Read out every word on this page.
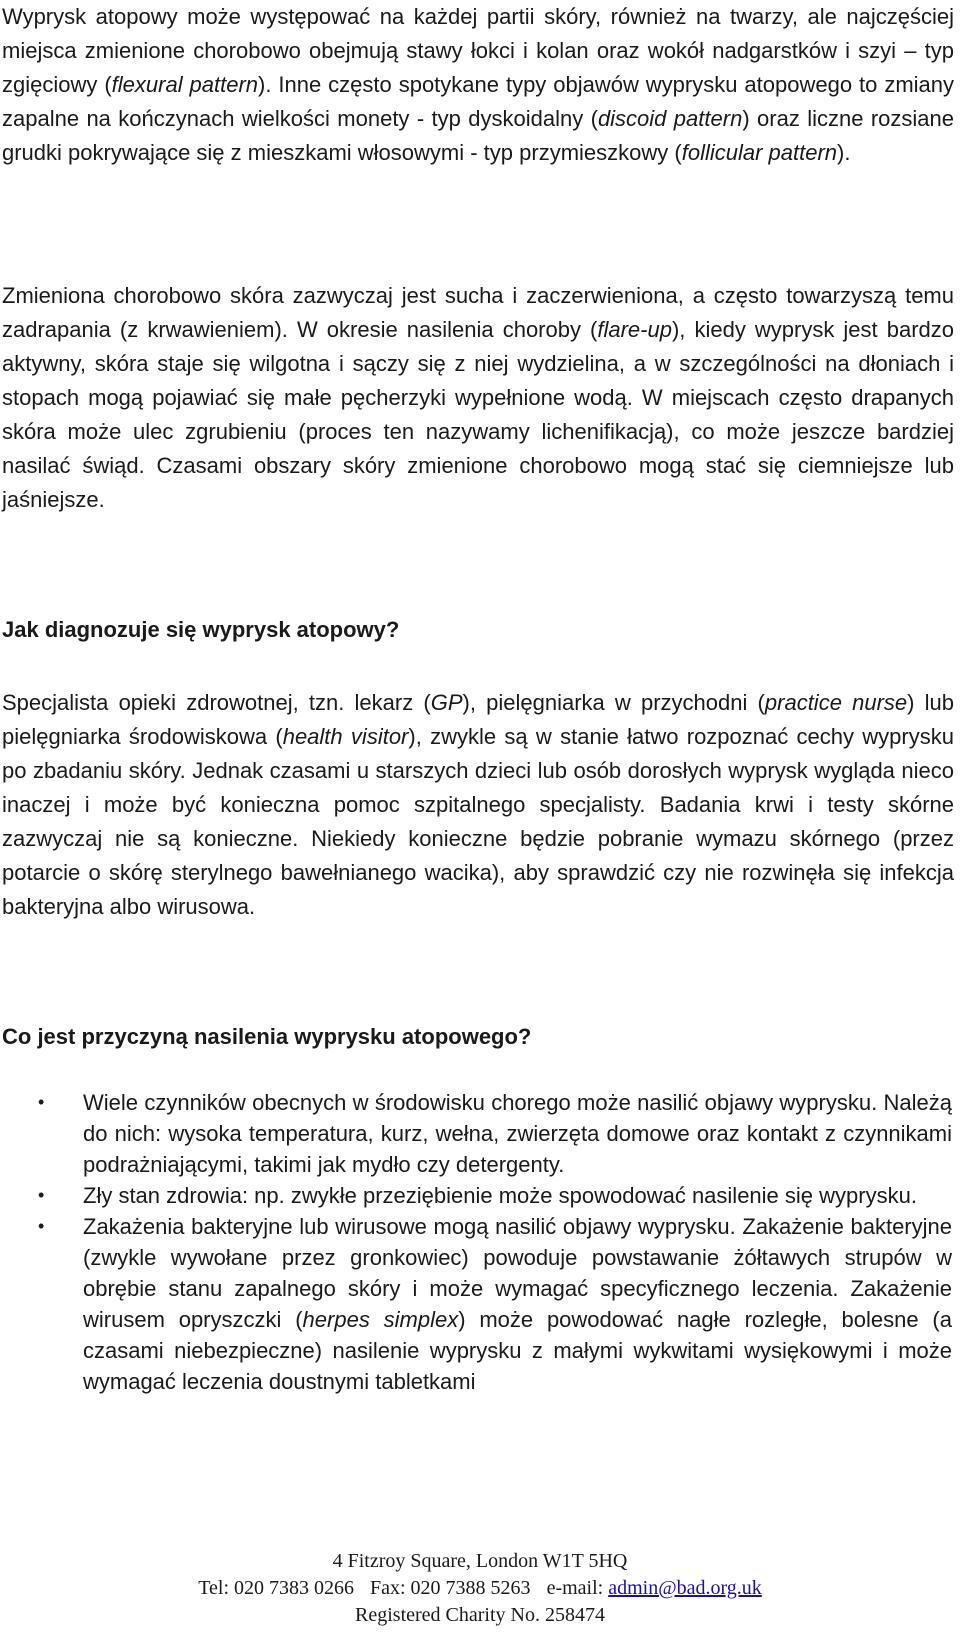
Wyprysk atopowy może występować na każdej partii skóry, również na twarzy, ale najczęściej miejsca zmienione chorobowo obejmują stawy łokci i kolan oraz wokół nadgarstków i szyi – typ zgięciowy (flexural pattern). Inne często spotykane typy objawów wyprysku atopowego to zmiany zapalne na kończynach wielkości monety - typ dyskoidalny (discoid pattern) oraz liczne rozsiane grudki pokrywające się z mieszkami włosowymi - typ przymieszkowy (follicular pattern).

Zmieniona chorobowo skóra zazwyczaj jest sucha i zaczerwieniona, a często towarzyszą temu zadrapania (z krwawieniem). W okresie nasilenia choroby (flare-up), kiedy wyprysk jest bardzo aktywny, skóra staje się wilgotna i sączy się z niej wydzielina, a w szczególności na dłoniach i stopach mogą pojawiać się małe pęcherzyki wypełnione wodą. W miejscach często drapanych skóra może ulec zgrubieniu (proces ten nazywamy lichenifikacją), co może jeszcze bardziej nasilać świąd. Czasami obszary skóry zmienione chorobowo mogą stać się ciemniejsze lub jaśniejsze.

Jak diagnozuje się wyprysk atopowy?

Specjalista opieki zdrowotnej, tzn. lekarz (GP), pielęgniarka w przychodni (practice nurse) lub pielęgniarka środowiskowa (health visitor), zwykle są w stanie łatwo rozpoznać cechy wyprysku po zbadaniu skóry. Jednak czasami u starszych dzieci lub osób dorosłych wyprysk wygląda nieco inaczej i może być konieczna pomoc szpitalnego specjalisty. Badania krwi i testy skórne zazwyczaj nie są konieczne. Niekiedy konieczne będzie pobranie wymazu skórnego (przez potarcie o skórę sterylnego bawełnianego wacika), aby sprawdzić czy nie rozwinęła się infekcja bakteryjna albo wirusowa.

Co jest przyczyną nasilenia wyprysku atopowego?
• Wiele czynników obecnych w środowisku chorego może nasilić objawy wyprysku. Należą do nich: wysoka temperatura, kurz, wełna, zwierzęta domowe oraz kontakt z czynnikami podrażniającymi, takimi jak mydło czy detergenty.
• Zły stan zdrowia: np. zwykłe przeziębienie może spowodować nasilenie się wyprysku.
• Zakażenia bakteryjne lub wirusowe mogą nasilić objawy wyprysku. Zakażenie bakteryjne (zwykle wywołane przez gronkowiec) powoduje powstawanie żółtawych strupów w obrębie stanu zapalnego skóry i może wymagać specyficznego leczenia. Zakażenie wirusem opryszczki (herpes simplex) może powodować nagłe rozległe, bolesne (a czasami niebezpieczne) nasilenie wyprysku z małymi wykwitami wysiękowymi i może wymagać leczenia doustnymi tabletkami
4 Fitzroy Square, London W1T 5HQ
Tel: 020 7383 0266 Fax: 020 7388 5263 e-mail: admin@bad.org.uk
Registered Charity No. 258474
